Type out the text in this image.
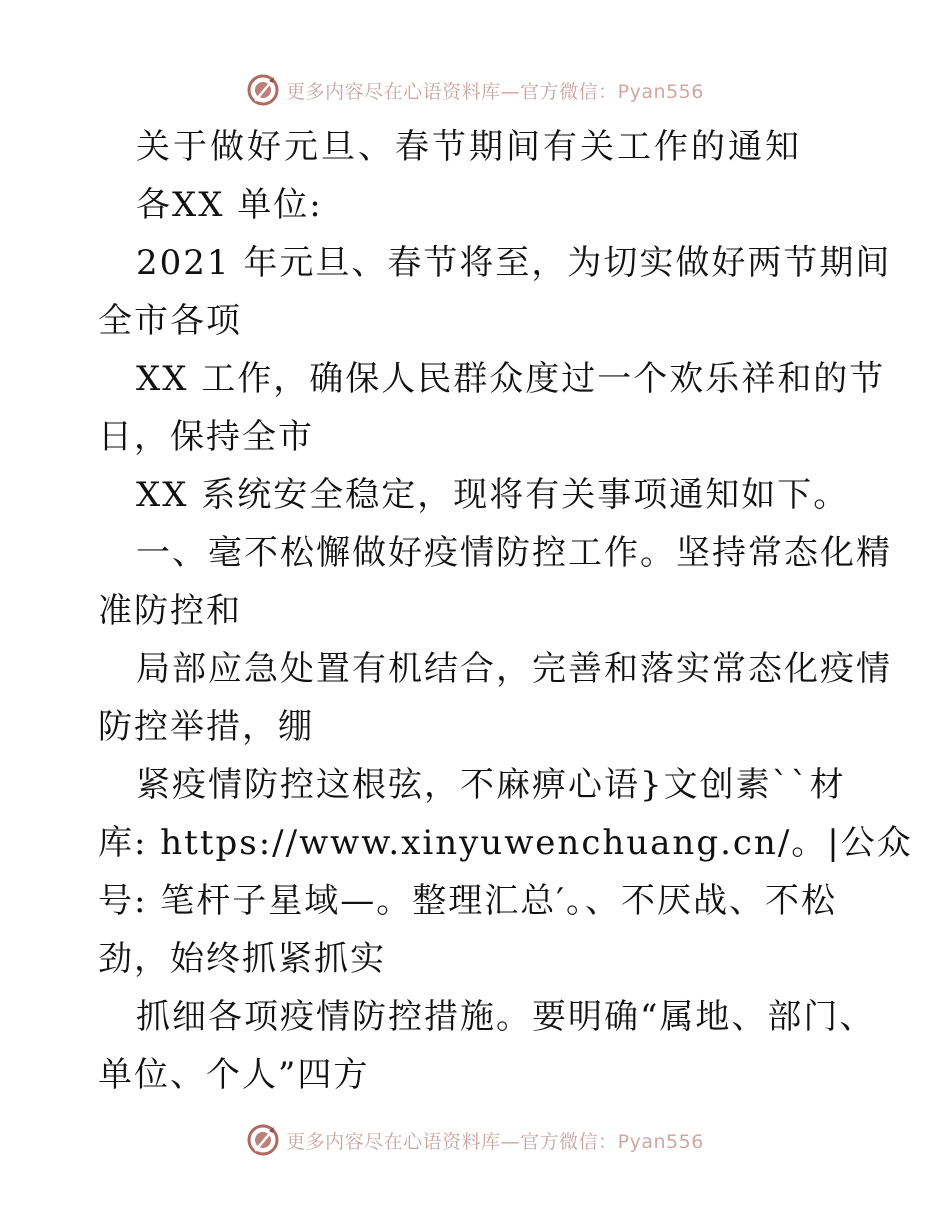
更多内容尽在心语资料库—官方微信：Pyan556
关于做好元旦、春节期间有关工作的通知
各XX 单位:
2021 年元旦、春节将至，为切实做好两节期间
全市各项
XX 工作，确保人民群众度过一个欢乐祥和的节
日，保持全市
XX 系统安全稳定，现将有关事项通知如下。
一、毫不松懈做好疫情防控工作。坚持常态化精
准防控和
局部应急处置有机结合，完善和落实常态化疫情
防控举措，绷
紧疫情防控这根弦，不麻痹心语}文创素``材
库: https://www.xinyuwenchuang.cn/。|公众
号: 笔杆子星域—。整理汇总′。、不厌战、不松
劲，始终抓紧抓实
抓细各项疫情防控措施。要明确“属地、部门、
单位、个人”四方
更多内容尽在心语资料库—官方微信：Pyan556
